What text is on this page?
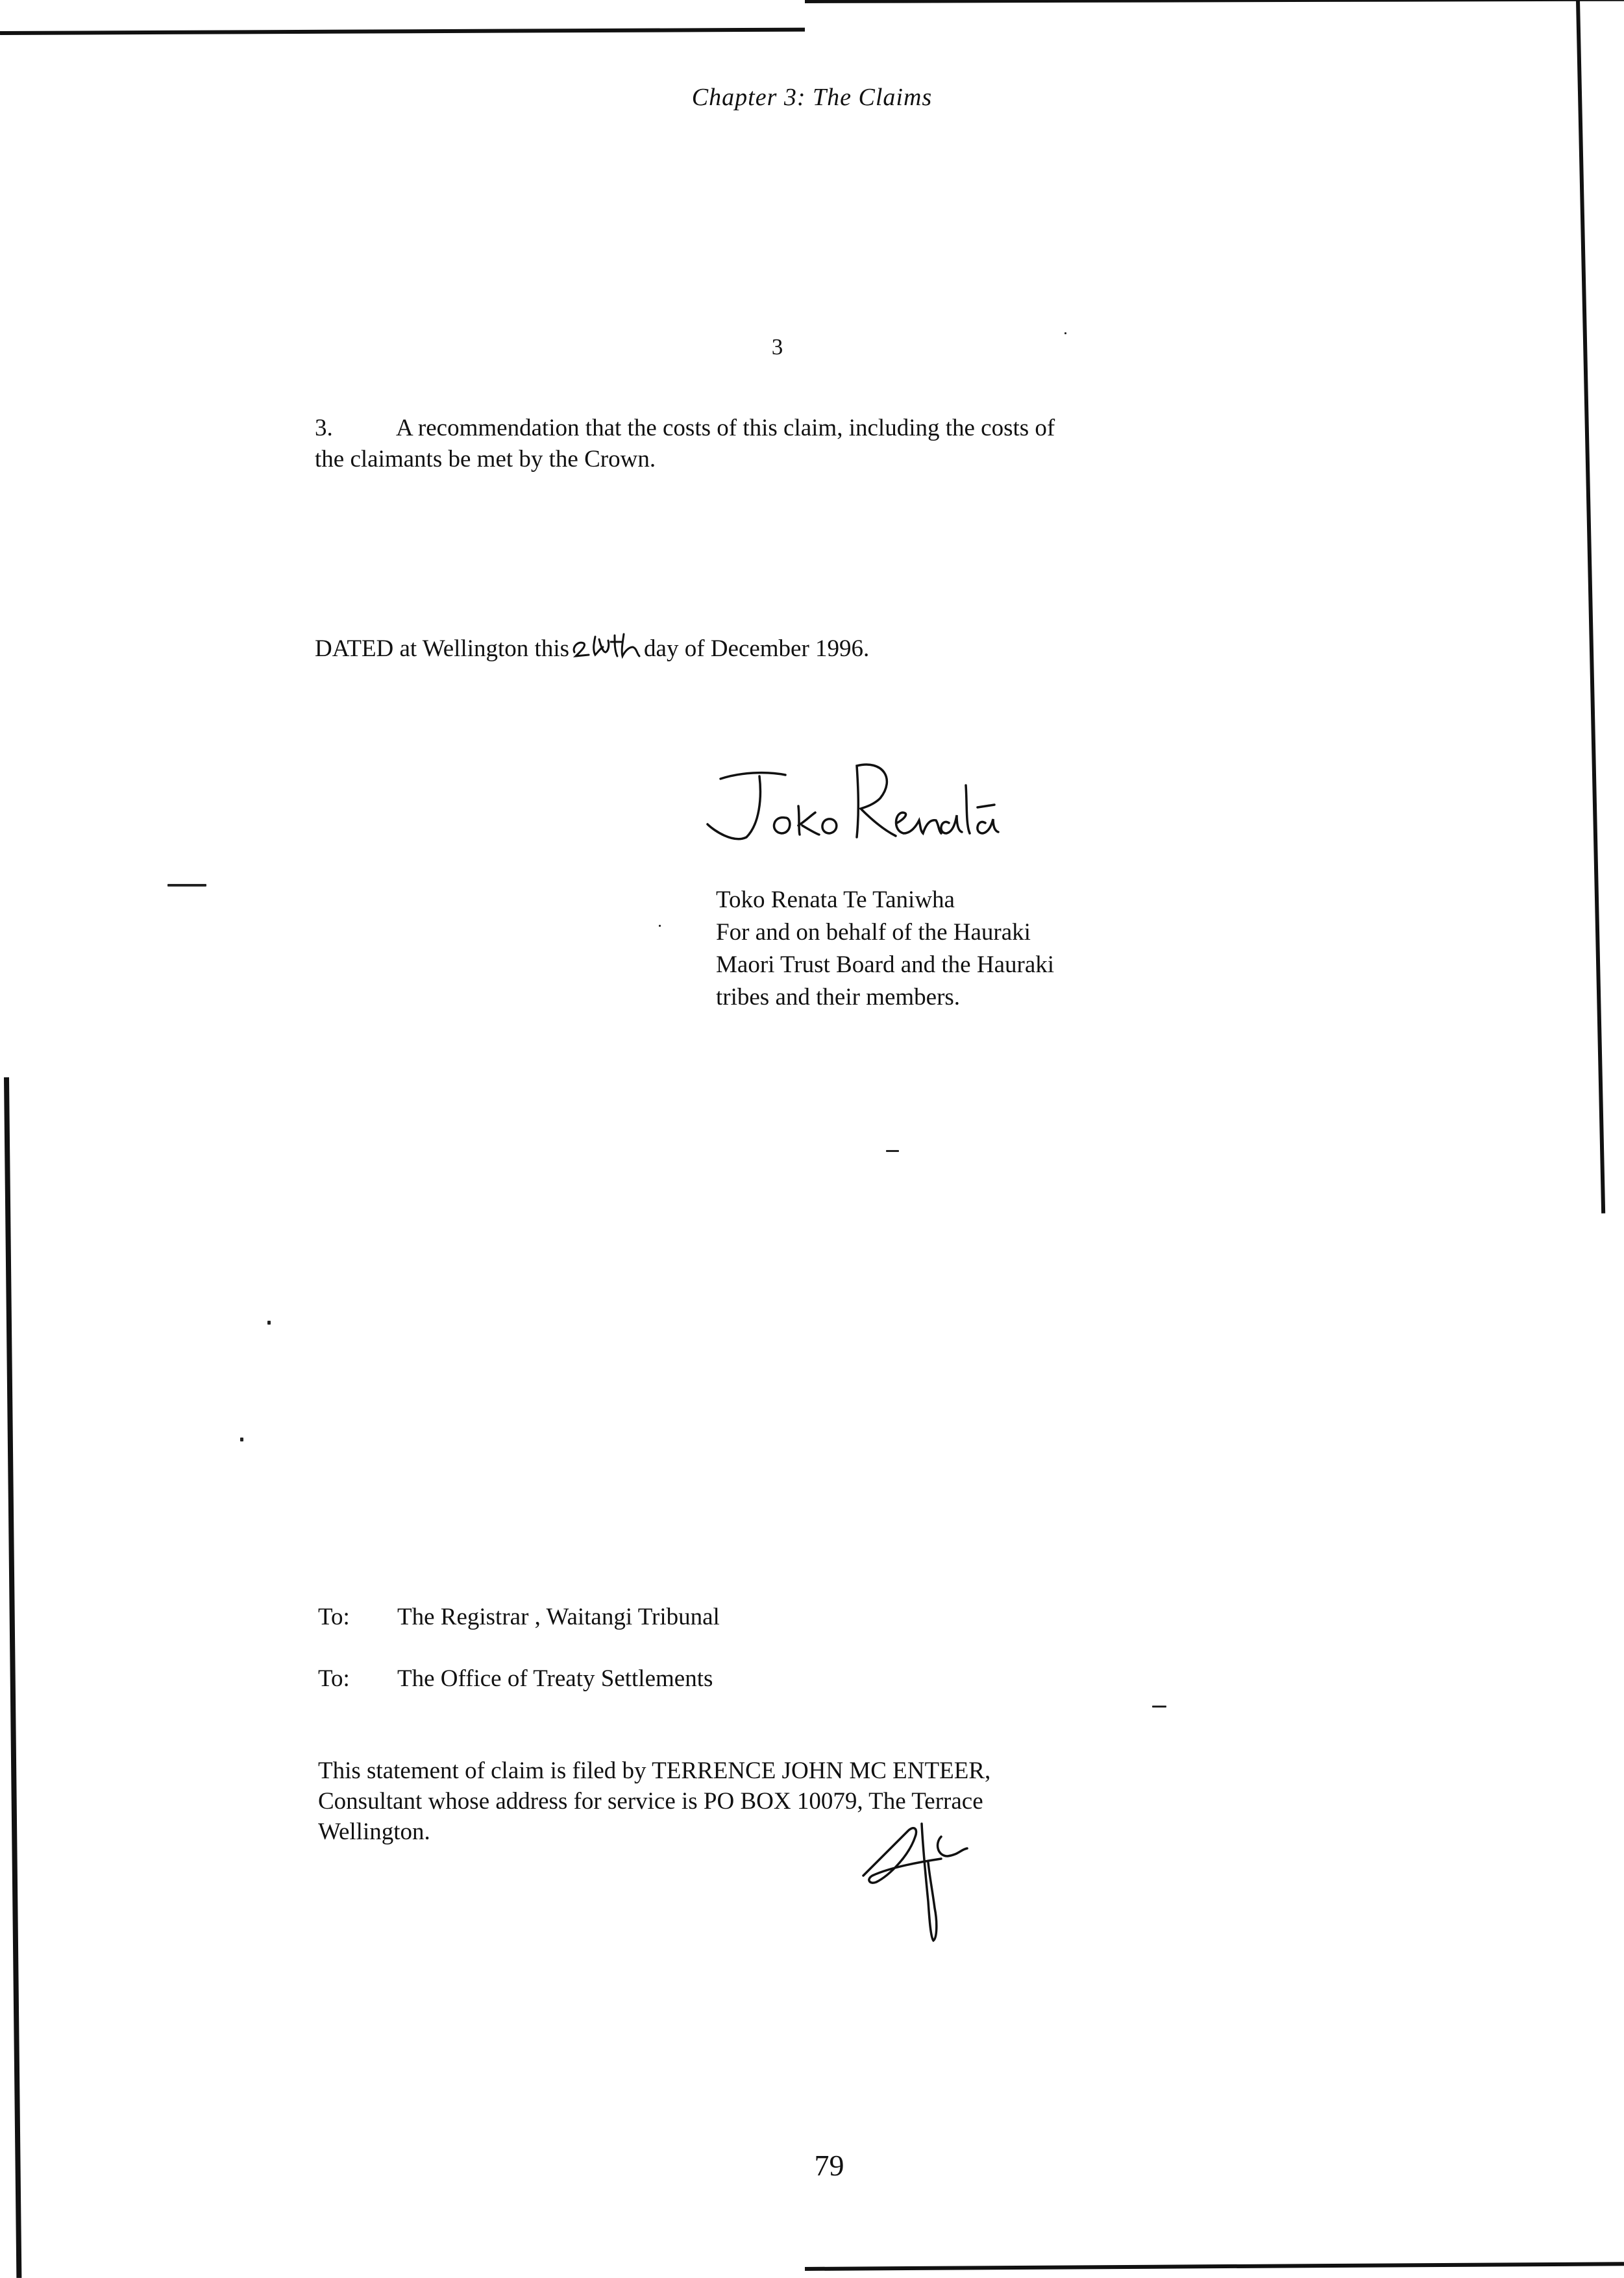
Chapter 3: The Claims
3
3.	A recommendation that the costs of this claim, including the costs of
the claimants be met by the Crown.
DATED at Wellington this	day of December 1996.
Toko Renata Te Taniwha
For and on behalf of the Hauraki
Maori Trust Board and the Hauraki
tribes and their members.
To: The Registrar , Waitangi Tribunal
To: The Office of Treaty Settlements
This statement of claim is filed by TERRENCE JOHN MC ENTEER,
Consultant whose address for service is PO BOX 10079, The Terrace
Wellington.
79
